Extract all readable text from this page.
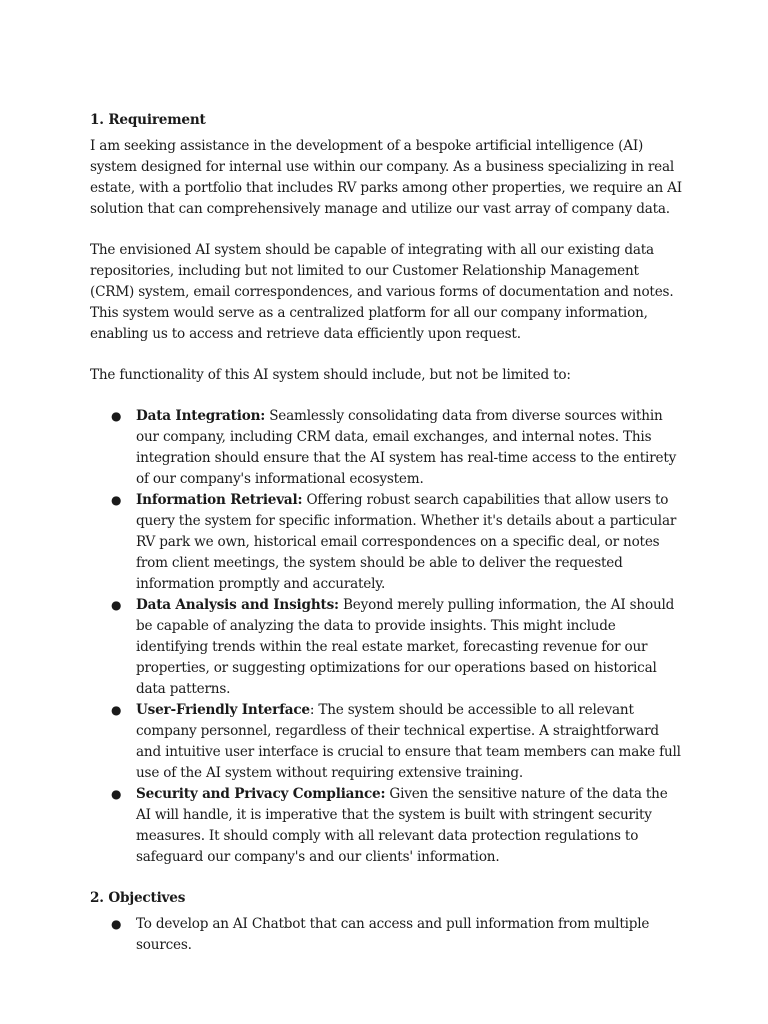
1. Requirement

I am seeking assistance in the development of a bespoke artificial intelligence (AI) system designed for internal use within our company. As a business specializing in real estate, with a portfolio that includes RV parks among other properties, we require an AI solution that can comprehensively manage and utilize our vast array of company data.

The envisioned AI system should be capable of integrating with all our existing data repositories, including but not limited to our Customer Relationship Management (CRM) system, email correspondences, and various forms of documentation and notes. This system would serve as a centralized platform for all our company information, enabling us to access and retrieve data efficiently upon request.

The functionality of this AI system should include, but not be limited to:

● Data Integration: Seamlessly consolidating data from diverse sources within our company, including CRM data, email exchanges, and internal notes. This integration should ensure that the AI system has real-time access to the entirety of our company's informational ecosystem.
● Information Retrieval: Offering robust search capabilities that allow users to query the system for specific information. Whether it's details about a particular RV park we own, historical email correspondences on a specific deal, or notes from client meetings, the system should be able to deliver the requested information promptly and accurately.
● Data Analysis and Insights: Beyond merely pulling information, the AI should be capable of analyzing the data to provide insights. This might include identifying trends within the real estate market, forecasting revenue for our properties, or suggesting optimizations for our operations based on historical data patterns.
● User-Friendly Interface: The system should be accessible to all relevant company personnel, regardless of their technical expertise. A straightforward and intuitive user interface is crucial to ensure that team members can make full use of the AI system without requiring extensive training.
● Security and Privacy Compliance: Given the sensitive nature of the data the AI will handle, it is imperative that the system is built with stringent security measures. It should comply with all relevant data protection regulations to safeguard our company's and our clients' information.
2. Objectives
● To develop an AI Chatbot that can access and pull information from multiple sources.
